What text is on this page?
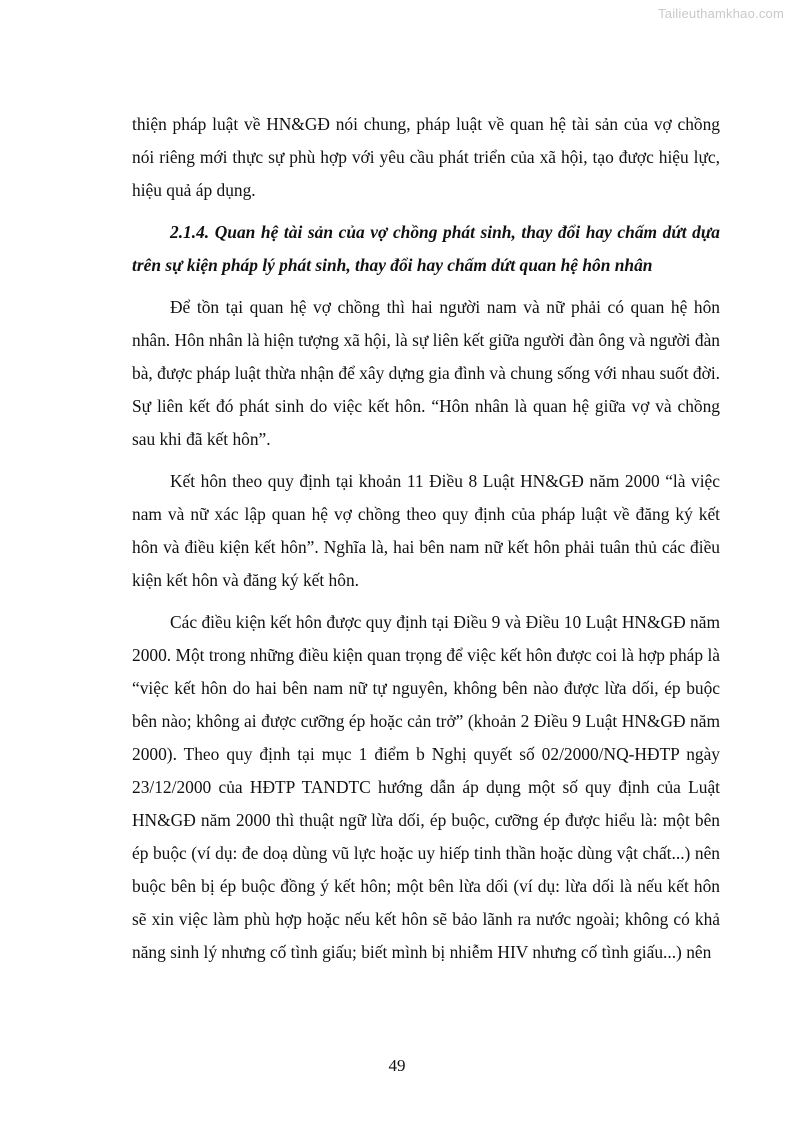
Tailieuthamkhao.com

thiện pháp luật về HN&GĐ nói chung, pháp luật về quan hệ tài sản của vợ chồng nói riêng mới thực sự phù hợp với yêu cầu phát triển của xã hội, tạo được hiệu lực, hiệu quả áp dụng.

2.1.4. Quan hệ tài sản của vợ chồng phát sinh, thay đổi hay chấm dứt dựa trên sự kiện pháp lý phát sinh, thay đổi hay chấm dứt quan hệ hôn nhân

Để tồn tại quan hệ vợ chồng thì hai người nam và nữ phải có quan hệ hôn nhân. Hôn nhân là hiện tượng xã hội, là sự liên kết giữa người đàn ông và người đàn bà, được pháp luật thừa nhận để xây dựng gia đình và chung sống với nhau suốt đời. Sự liên kết đó phát sinh do việc kết hôn. “Hôn nhân là quan hệ giữa vợ và chồng sau khi đã kết hôn”.

Kết hôn theo quy định tại khoản 11 Điều 8 Luật HN&GĐ năm 2000 “là việc nam và nữ xác lập quan hệ vợ chồng theo quy định của pháp luật về đăng ký kết hôn và điều kiện kết hôn”. Nghĩa là, hai bên nam nữ kết hôn phải tuân thủ các điều kiện kết hôn và đăng ký kết hôn.

Các điều kiện kết hôn được quy định tại Điều 9 và Điều 10 Luật HN&GĐ năm 2000. Một trong những điều kiện quan trọng để việc kết hôn được coi là hợp pháp là “việc kết hôn do hai bên nam nữ tự nguyên, không bên nào được lừa dối, ép buộc bên nào; không ai được cưỡng ép hoặc cản trở” (khoản 2 Điều 9 Luật HN&GĐ năm 2000). Theo quy định tại mục 1 điểm b Nghị quyết số 02/2000/NQ-HĐTP ngày 23/12/2000 của HĐTP TANDTC hướng dẫn áp dụng một số quy định của Luật HN&GĐ năm 2000 thì thuật ngữ lừa dối, ép buộc, cưỡng ép được hiểu là: một bên ép buộc (ví dụ: đe doạ dùng vũ lực hoặc uy hiếp tinh thần hoặc dùng vật chất...) nên buộc bên bị ép buộc đồng ý kết hôn; một bên lừa dối (ví dụ: lừa dối là nếu kết hôn sẽ xin việc làm phù hợp hoặc nếu kết hôn sẽ bảo lãnh ra nước ngoài; không có khả năng sinh lý nhưng cố tình giấu; biết mình bị nhiễm HIV nhưng cố tình giấu...) nên

49
